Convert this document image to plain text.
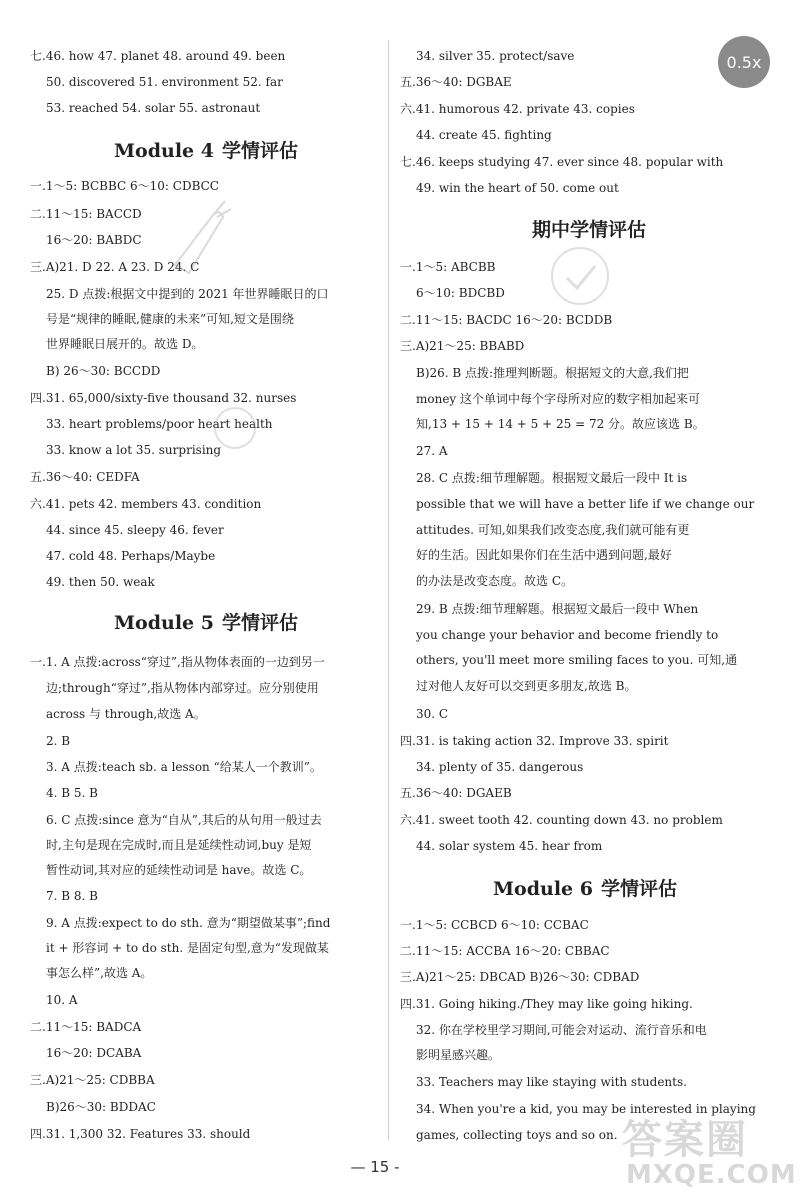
0.5x
七.46. how 47. planet 48. around 49. been
50. discovered 51. environment 52. far
53. reached 54. solar 55. astronaut
Module 4 学情评估
一.1～5: BCBBC 6～10: CDBCC
二.11～15: BACCD
16～20: BABDC
三.A)21. D 22. A 23. D 24. C
25. D 点拨:根据文中提到的 2021 年世界睡眠日的口
号是“规律的睡眠,健康的未来”可知,短文是围绕
世界睡眠日展开的。故选 D。
B) 26～30: BCCDD
四.31. 65,000/sixty-five thousand 32. nurses
33. heart problems/poor heart health
33. know a lot 35. surprising
五.36～40: CEDFA
六.41. pets 42. members 43. condition
44. since 45. sleepy 46. fever
47. cold 48. Perhaps/Maybe
49. then 50. weak
Module 5 学情评估
一.1. A 点拨:across“穿过”,指从物体表面的一边到另一
边;through“穿过”,指从物体内部穿过。应分别使用
across 与 through,故选 A。
2. B
3. A 点拨:teach sb. a lesson “给某人一个教训”。
4. B 5. B
6. C 点拨:since 意为“自从”,其后的从句用一般过去
时,主句是现在完成时,而且是延续性动词,buy 是短
暂性动词,其对应的延续性动词是 have。故选 C。
7. B 8. B
9. A 点拨:expect to do sth. 意为“期望做某事”;find
it + 形容词 + to do sth. 是固定句型,意为“发现做某
事怎么样”,故选 A。
10. A
二.11～15: BADCA
16～20: DCABA
三.A)21～25: CDBBA
B)26～30: BDDAC
四.31. 1,300 32. Features 33. should
34. silver 35. protect/save
五.36～40: DGBAE
六.41. humorous 42. private 43. copies
44. create 45. fighting
七.46. keeps studying 47. ever since 48. popular with
49. win the heart of 50. come out
期中学情评估
一.1～5: ABCBB
6～10: BDCBD
二.11～15: BACDC 16～20: BCDDB
三.A)21～25: BBABD
B)26. B 点拨:推理判断题。根据短文的大意,我们把
money 这个单词中每个字母所对应的数字相加起来可
知,13 + 15 + 14 + 5 + 25 = 72 分。故应该选 B。
27. A
28. C 点拨:细节理解题。根据短文最后一段中 It is
possible that we will have a better life if we change our
attitudes. 可知,如果我们改变态度,我们就可能有更
好的生活。因此如果你们在生活中遇到问题,最好
的办法是改变态度。故选 C。
29. B 点拨:细节理解题。根据短文最后一段中 When
you change your behavior and become friendly to
others, you'll meet more smiling faces to you. 可知,通
过对他人友好可以交到更多朋友,故选 B。
30. C
四.31. is taking action 32. Improve 33. spirit
34. plenty of 35. dangerous
五.36～40: DGAEB
六.41. sweet tooth 42. counting down 43. no problem
44. solar system 45. hear from
Module 6 学情评估
一.1～5: CCBCD 6～10: CCBAC
二.11～15: ACCBA 16～20: CBBAC
三.A)21～25: DBCAD B)26～30: CDBAD
四.31. Going hiking./They may like going hiking.
32. 你在学校里学习期间,可能会对运动、流行音乐和电
影明星感兴趣。
33. Teachers may like staying with students.
34. When you're a kid, you may be interested in playing
games, collecting toys and so on. 答案圈
MXQE.COM
— 15 -
